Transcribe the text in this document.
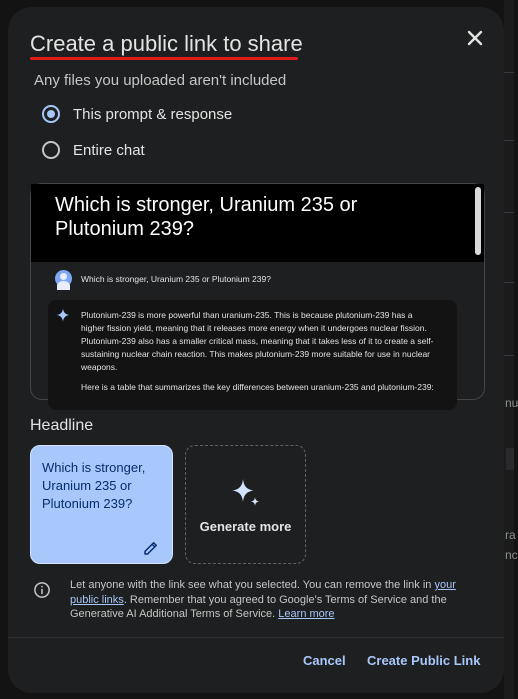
nu
ra
nc
Create a public link to share
Any files you uploaded aren't included
This prompt & response
Entire chat
Which is stronger, Uranium 235 or Plutonium 239?
Which is stronger, Uranium 235 or Plutonium 239?

Plutonium-239 is more powerful than uranium-235. This is because plutonium-239 has a higher fission yield, meaning that it releases more energy when it undergoes nuclear fission. Plutonium-239 also has a smaller critical mass, meaning that it takes less of it to create a self-sustaining nuclear chain reaction. This makes plutonium-239 more suitable for use in nuclear weapons.

Here is a table that summarizes the key differences between uranium-235 and plutonium-239:

Headline
Which is stronger, Uranium 235 or Plutonium 239?
Generate more
Let anyone with the link see what you selected. You can remove the link in your public links. Remember that you agreed to Google's Terms of Service and the Generative AI Additional Terms of Service. Learn more
Cancel Create Public Link
